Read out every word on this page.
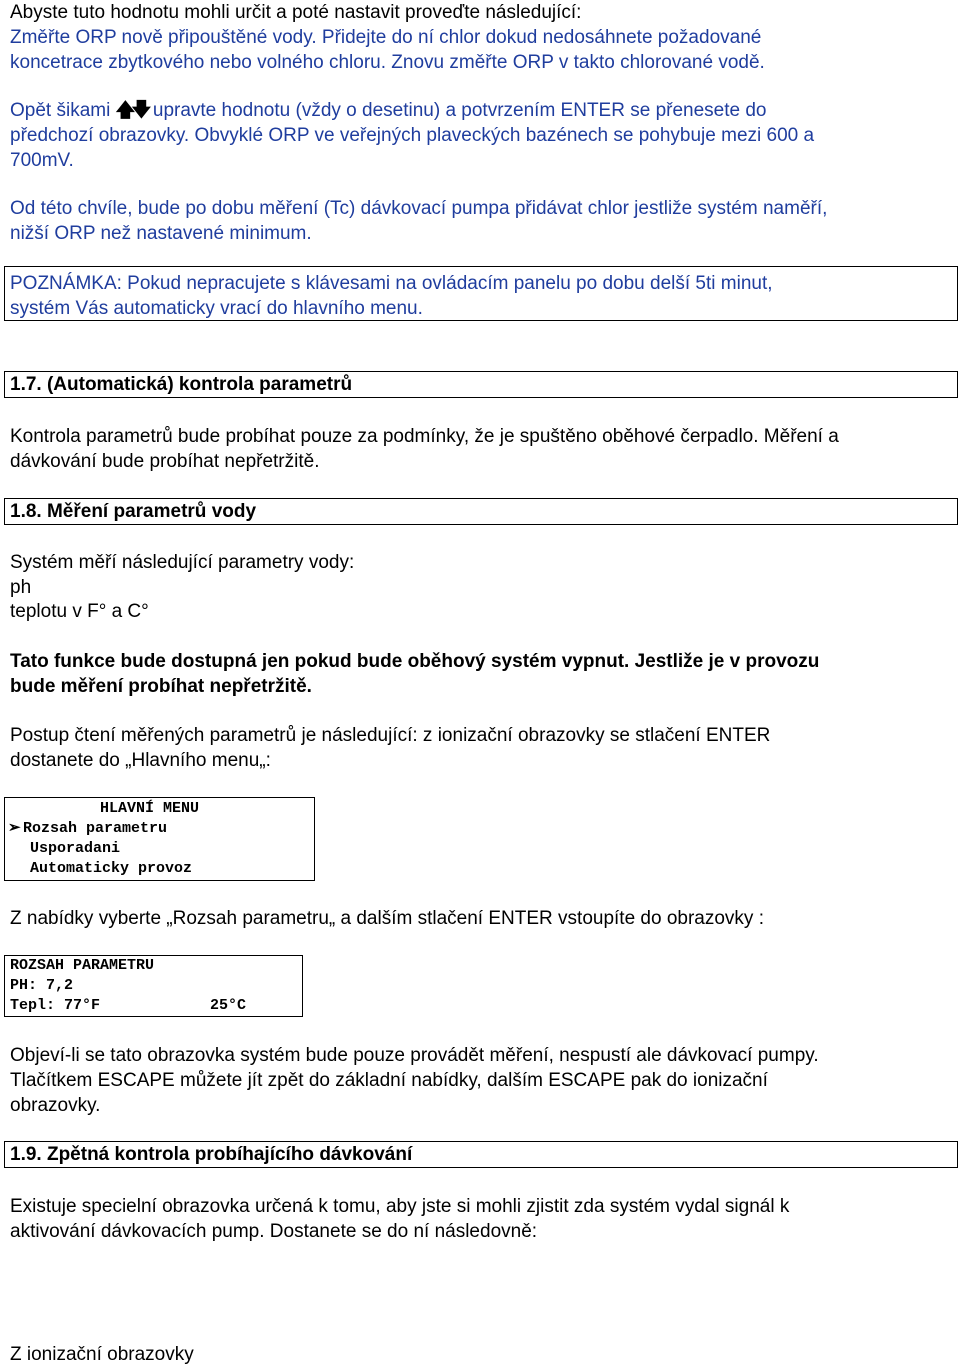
Abyste tuto hodnotu mohli určit a poté nastavit proveďte následující:
Změřte ORP nově připouštěné vody. Přidejte do ní chlor dokud nedosáhnete požadované
koncetrace zbytkového nebo volného chloru. Znovu změřte ORP v takto chlorované vodě.
Opět šikami 🡅🡇 upravte hodnotu (vždy o desetinu) a potvrzením ENTER se přenesete do
předchozí obrazovky. Obvyklé ORP ve veřejných plaveckých bazénech se pohybuje mezi 600 a
700mV.
Od této chvíle, bude po dobu měření (Tc) dávkovací pumpa přidávat chlor jestliže systém naměří,
nižší ORP než nastavené minimum.
POZNÁMKA: Pokud nepracujete s klávesami na ovládacím panelu po dobu delší 5ti minut,
systém Vás automaticky vrací do hlavního menu.
1.7. (Automatická) kontrola parametrů
Kontrola parametrů bude probíhat pouze za podmínky, že je spuštěno oběhové čerpadlo. Měření a
dávkování bude probíhat nepřetržitě.
1.8. Měření parametrů vody
Systém měří následující parametry vody:
ph
teplotu v F° a C°
Tato funkce bude dostupná jen pokud bude oběhový systém vypnut. Jestliže je v provozu
bude měření probíhat nepřetržitě.
Postup čtení měřených parametrů je následující: z ionizační obrazovky se stlačení ENTER
dostanete do „Hlavního menu„:
HLAVNÍ MENU
➢ Rozsah parametru
Usporadani
Automaticky provoz
Z nabídky vyberte „Rozsah parametru„ a dalším stlačení ENTER vstoupíte do obrazovky :
ROZSAH PARAMETRU
PH: 7,2
Tepl: 77°F	25°C
Objeví-li se tato obrazovka systém bude pouze provádět měření, nespustí ale dávkovací pumpy.
Tlačítkem ESCAPE můžete jít zpět do základní nabídky, dalším ESCAPE pak do ionizační
obrazovky.
1.9. Zpětná kontrola probíhajícího dávkování
Existuje specielní obrazovka určená k tomu, aby jste si mohli zjistit zda systém vydal signál k
aktivování dávkovacích pump. Dostanete se do ní následovně:
Z ionizační obrazovky
